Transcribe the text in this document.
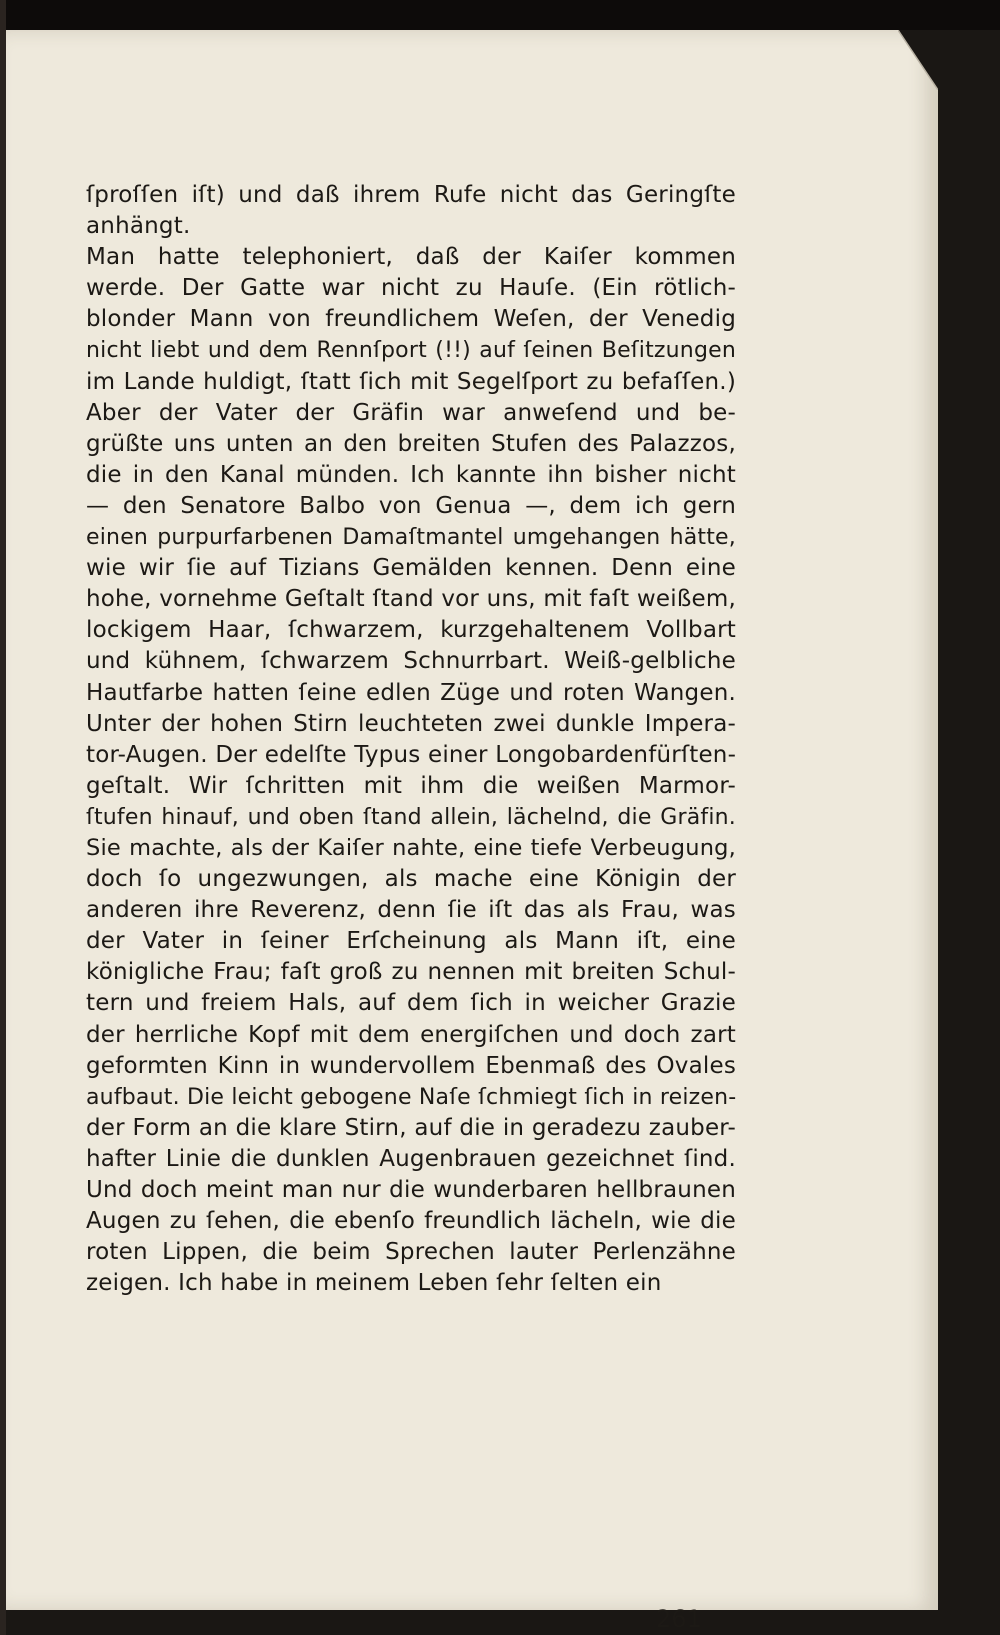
ſproſſen iſt) und daß ihrem Rufe nicht das Geringſte
anhängt.
Man hatte telephoniert, daß der Kaiſer kommen
werde. Der Gatte war nicht zu Hauſe. (Ein rötlich-
blonder Mann von freundlichem Weſen, der Venedig
nicht liebt und dem Rennſport (!!) auf ſeinen Beſitzungen
im Lande huldigt, ſtatt ſich mit Segelſport zu befaſſen.)
Aber der Vater der Gräfin war anweſend und be-
grüßte uns unten an den breiten Stufen des Palazzos,
die in den Kanal münden. Ich kannte ihn bisher nicht
— den Senatore Balbo von Genua —, dem ich gern
einen purpurfarbenen Damaſtmantel umgehangen hätte,
wie wir ſie auf Tizians Gemälden kennen. Denn eine
hohe, vornehme Geſtalt ſtand vor uns, mit faſt weißem,
lockigem Haar, ſchwarzem, kurzgehaltenem Vollbart
und kühnem, ſchwarzem Schnurrbart. Weiß-gelbliche
Hautfarbe hatten ſeine edlen Züge und roten Wangen.
Unter der hohen Stirn leuchteten zwei dunkle Impera-
tor-Augen. Der edelſte Typus einer Longobardenfürſten-
geſtalt. Wir ſchritten mit ihm die weißen Marmor-
ſtufen hinauf, und oben ſtand allein, lächelnd, die Gräfin.
Sie machte, als der Kaiſer nahte, eine tiefe Verbeugung,
doch ſo ungezwungen, als mache eine Königin der
anderen ihre Reverenz, denn ſie iſt das als Frau, was
der Vater in ſeiner Erſcheinung als Mann iſt, eine
königliche Frau; faſt groß zu nennen mit breiten Schul-
tern und freiem Hals, auf dem ſich in weicher Grazie
der herrliche Kopf mit dem energiſchen und doch zart
geformten Kinn in wundervollem Ebenmaß des Ovales
aufbaut. Die leicht gebogene Naſe ſchmiegt ſich in reizen-
der Form an die klare Stirn, auf die in geradezu zauber-
hafter Linie die dunklen Augenbrauen gezeichnet ſind.
Und doch meint man nur die wunderbaren hellbraunen
Augen zu ſehen, die ebenſo freundlich lächeln, wie die
roten Lippen, die beim Sprechen lauter Perlenzähne
zeigen. Ich habe in meinem Leben ſehr ſelten ein
261
